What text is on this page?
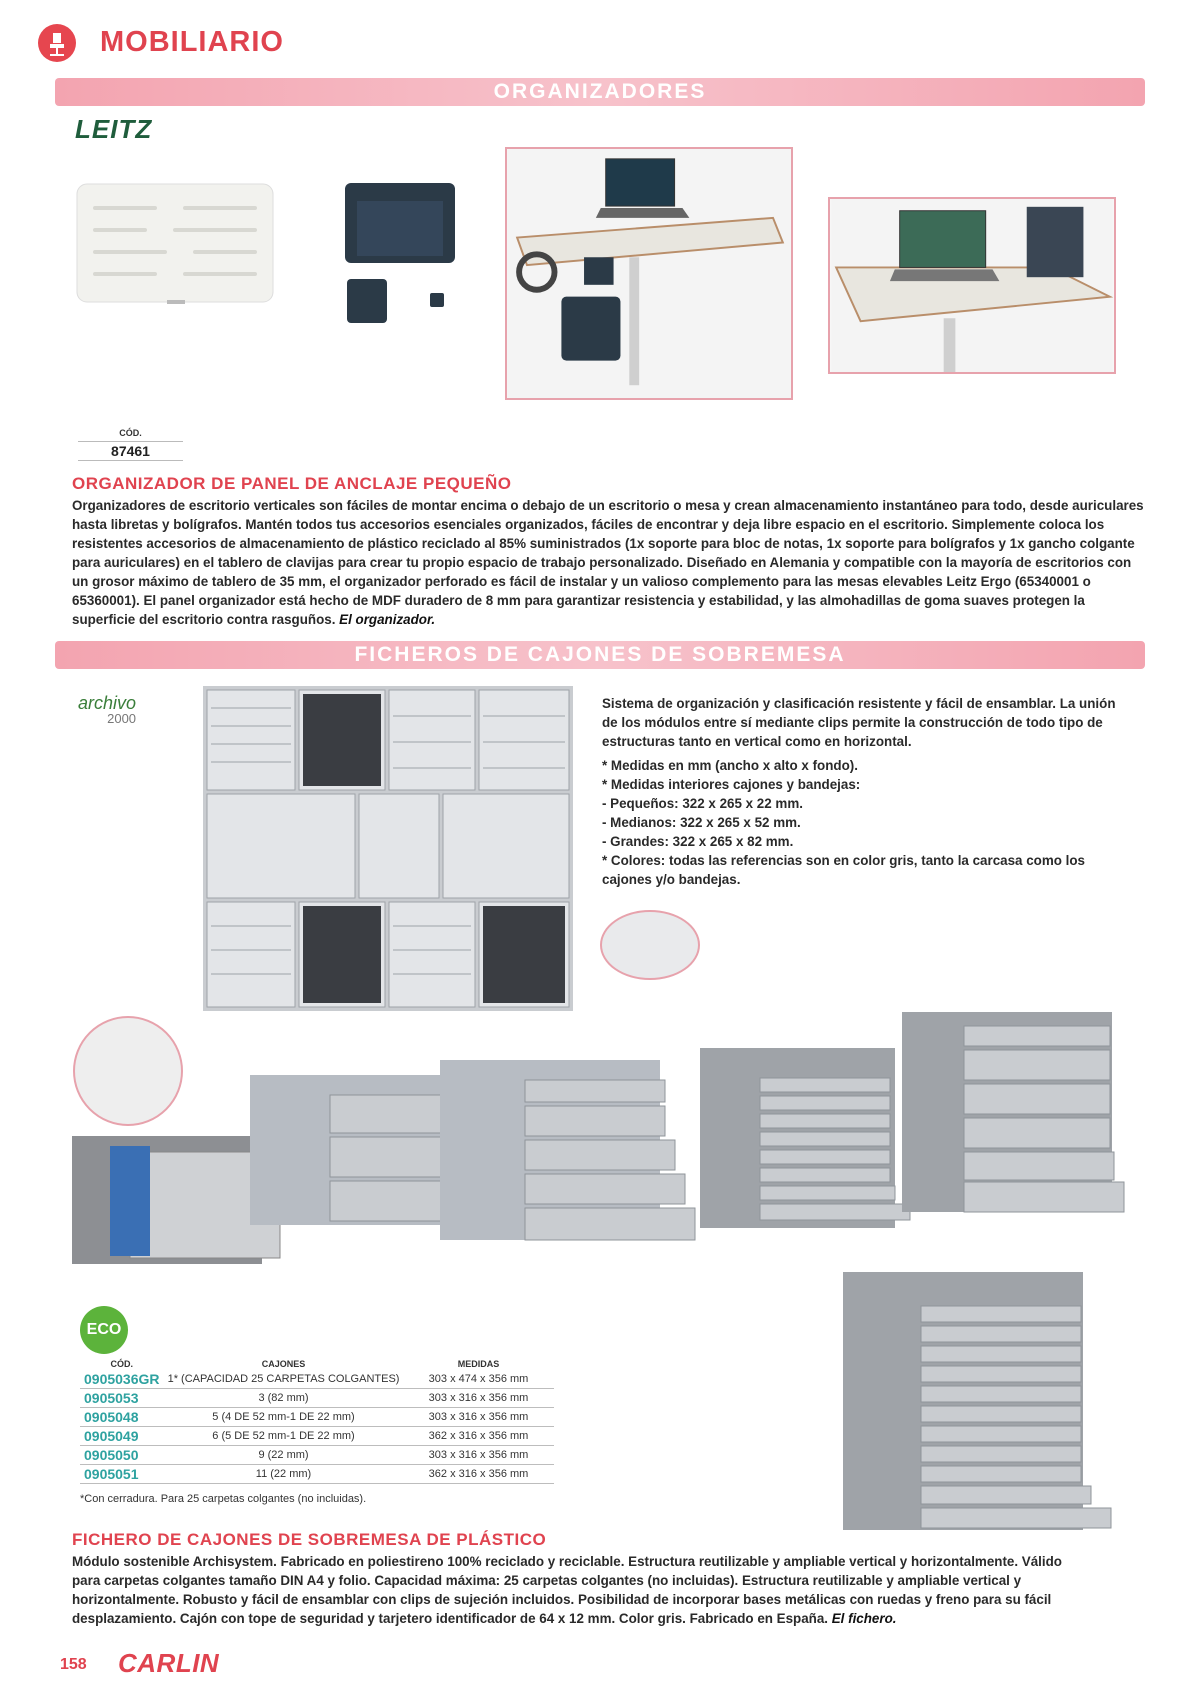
MOBILIARIO
ORGANIZADORES
LEITZ
CÓD.
87461
ORGANIZADOR DE PANEL DE ANCLAJE PEQUEÑO
Organizadores de escritorio verticales son fáciles de montar encima o debajo de un escritorio o mesa y crean almacenamiento instantáneo para todo, desde auriculares hasta libretas y bolígrafos. Mantén todos tus accesorios esenciales organizados, fáciles de encontrar y deja libre espacio en el escritorio. Simplemente coloca los resistentes accesorios de almacenamiento de plástico reciclado al 85% suministrados (1x soporte para bloc de notas, 1x soporte para bolígrafos y 1x gancho colgante para auriculares) en el tablero de clavijas para crear tu propio espacio de trabajo personalizado. Diseñado en Alemania y compatible con la mayoría de escritorios con un grosor máximo de tablero de 35 mm, el organizador perforado es fácil de instalar y un valioso complemento para las mesas elevables Leitz Ergo (65340001 o 65360001). El panel organizador está hecho de MDF duradero de 8 mm para garantizar resistencia y estabilidad, y las almohadillas de goma suaves protegen la superficie del escritorio contra rasguños. El organizador.
FICHEROS DE CAJONES DE SOBREMESA
archivo
2000
Sistema de organización y clasificación resistente y fácil de ensamblar. La unión
de los módulos entre sí mediante clips permite la construcción de todo tipo de
estructuras tanto en vertical como en horizontal.
* Medidas en mm (ancho x alto x fondo).
* Medidas interiores cajones y bandejas:
- Pequeños: 322 x 265 x 22 mm.
- Medianos: 322 x 265 x 52 mm.
- Grandes: 322 x 265 x 82 mm.
* Colores: todas las referencias son en color gris, tanto la carcasa como los
cajones y/o bandejas.
ECO
CÓD.	CAJONES	MEDIDAS
0905036GR	1* (CAPACIDAD 25 CARPETAS COLGANTES)	303 x 474 x 356 mm
0905053	3 (82 mm)	303 x 316 x 356 mm
0905048	5 (4 DE 52 mm-1 DE 22 mm)	303 x 316 x 356 mm
0905049	6 (5 DE 52 mm-1 DE 22 mm)	362 x 316 x 356 mm
0905050	9 (22 mm)	303 x 316 x 356 mm
0905051	11 (22 mm)	362 x 316 x 356 mm
*Con cerradura. Para 25 carpetas colgantes (no incluidas).
FICHERO DE CAJONES DE SOBREMESA DE PLÁSTICO
Módulo sostenible Archisystem. Fabricado en poliestireno 100% reciclado y reciclable. Estructura reutilizable y ampliable vertical y horizontalmente. Válido para carpetas colgantes tamaño DIN A4 y folio. Capacidad máxima: 25 carpetas colgantes (no incluidas). Estructura reutilizable y ampliable vertical y horizontalmente. Robusto y fácil de ensamblar con clips de sujeción incluidos. Posibilidad de incorporar bases metálicas con ruedas y freno para su fácil desplazamiento. Cajón con tope de seguridad y tarjetero identificador de 64 x 12 mm. Color gris. Fabricado en España. El fichero.
158 CARLIN
